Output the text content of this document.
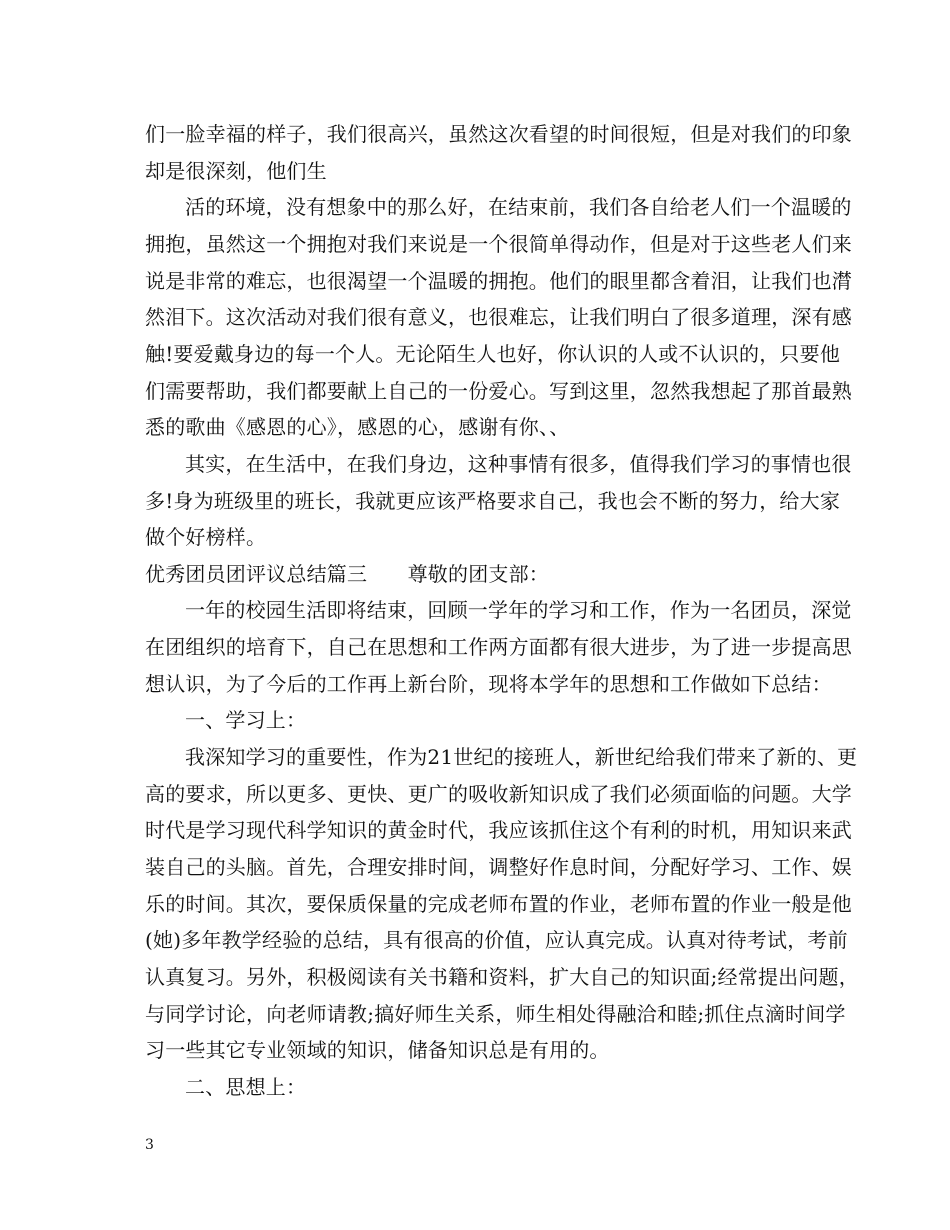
们一脸幸福的样子，我们很高兴，虽然这次看望的时间很短，但是对我们的印象
却是很深刻，他们生
活的环境，没有想象中的那么好，在结束前，我们各自给老人们一个温暖的
拥抱，虽然这一个拥抱对我们来说是一个很简单得动作，但是对于这些老人们来
说是非常的难忘，也很渴望一个温暖的拥抱。他们的眼里都含着泪，让我们也潸
然泪下。这次活动对我们很有意义，也很难忘，让我们明白了很多道理，深有感
触!要爱戴身边的每一个人。无论陌生人也好，你认识的人或不认识的，只要他
们需要帮助，我们都要献上自己的一份爱心。写到这里，忽然我想起了那首最熟
悉的歌曲《感恩的心》，感恩的心，感谢有你、、
其实，在生活中，在我们身边，这种事情有很多，值得我们学习的事情也很
多!身为班级里的班长，我就更应该严格要求自己，我也会不断的努力，给大家
做个好榜样。
优秀团员团评议总结篇三　　尊敬的团支部：
一年的校园生活即将结束，回顾一学年的学习和工作，作为一名团员，深觉
在团组织的培育下，自己在思想和工作两方面都有很大进步，为了进一步提高思
想认识，为了今后的工作再上新台阶，现将本学年的思想和工作做如下总结：
一、学习上：
我深知学习的重要性，作为21世纪的接班人，新世纪给我们带来了新的、更
高的要求，所以更多、更快、更广的吸收新知识成了我们必须面临的问题。大学
时代是学习现代科学知识的黄金时代，我应该抓住这个有利的时机，用知识来武
装自己的头脑。首先，合理安排时间，调整好作息时间，分配好学习、工作、娱
乐的时间。其次，要保质保量的完成老师布置的作业，老师布置的作业一般是他
(她)多年教学经验的总结，具有很高的价值，应认真完成。认真对待考试，考前
认真复习。另外，积极阅读有关书籍和资料，扩大自己的知识面;经常提出问题，
与同学讨论，向老师请教;搞好师生关系，师生相处得融洽和睦;抓住点滴时间学
习一些其它专业领域的知识，储备知识总是有用的。
二、思想上：
3
